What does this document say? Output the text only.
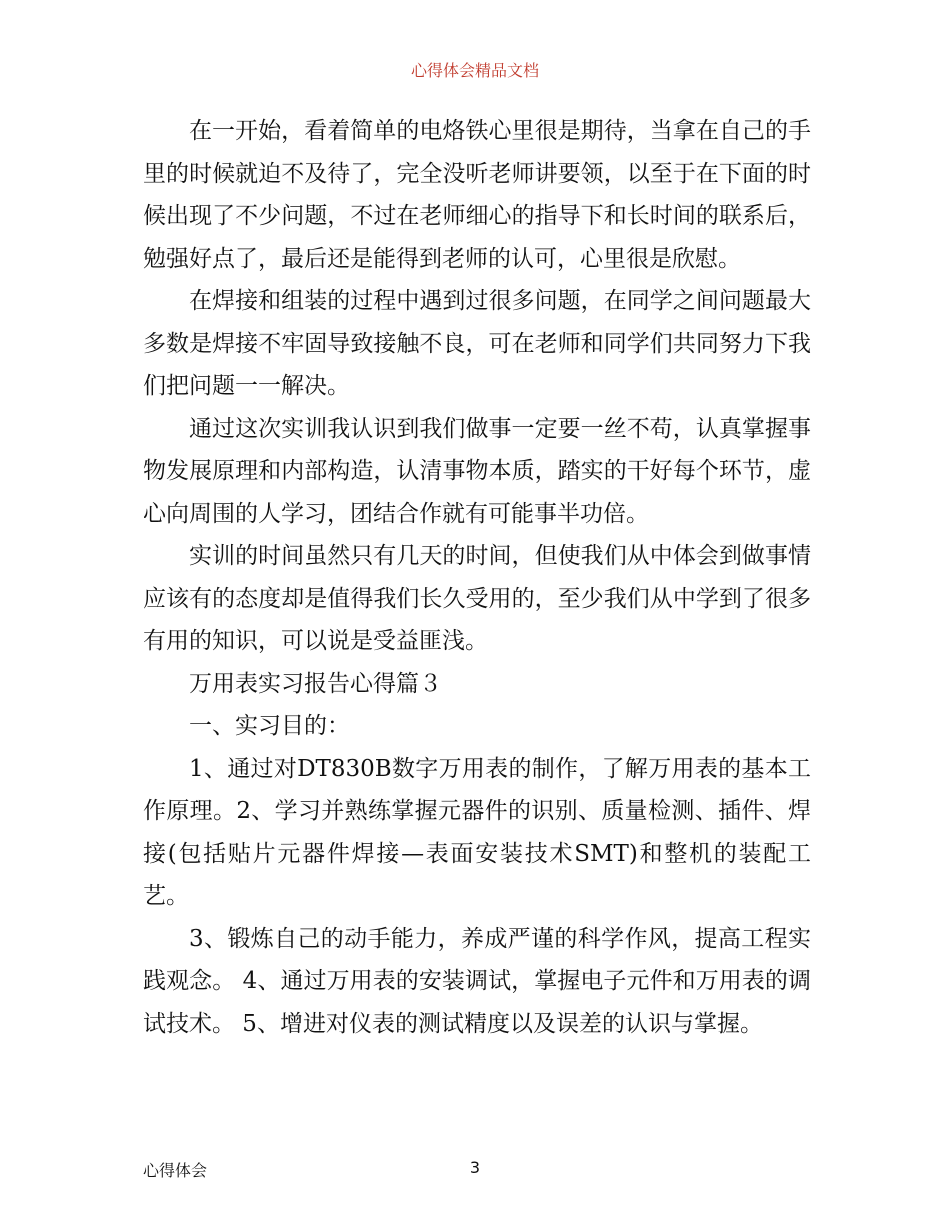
心得体会精品文档

在一开始，看着简单的电烙铁心里很是期待，当拿在自己的手里的时候就迫不及待了，完全没听老师讲要领，以至于在下面的时候出现了不少问题，不过在老师细心的指导下和长时间的联系后，勉强好点了，最后还是能得到老师的认可，心里很是欣慰。

在焊接和组装的过程中遇到过很多问题，在同学之间问题最大多数是焊接不牢固导致接触不良，可在老师和同学们共同努力下我们把问题一一解决。

通过这次实训我认识到我们做事一定要一丝不苟，认真掌握事物发展原理和内部构造，认清事物本质，踏实的干好每个环节，虚心向周围的人学习，团结合作就有可能事半功倍。

实训的时间虽然只有几天的时间，但使我们从中体会到做事情应该有的态度却是值得我们长久受用的，至少我们从中学到了很多有用的知识，可以说是受益匪浅。

万用表实习报告心得篇３

一、实习目的：

1、通过对DT830B数字万用表的制作，了解万用表的基本工作原理。2、学习并熟练掌握元器件的识别、质量检测、插件、焊接(包括贴片元器件焊接—表面安装技术SMT)和整机的装配工艺。

3、锻炼自己的动手能力，养成严谨的科学作风，提高工程实践观念。 4、通过万用表的安装调试，掌握电子元件和万用表的调试技术。 5、增进对仪表的测试精度以及误差的认识与掌握。

心得体会	3
